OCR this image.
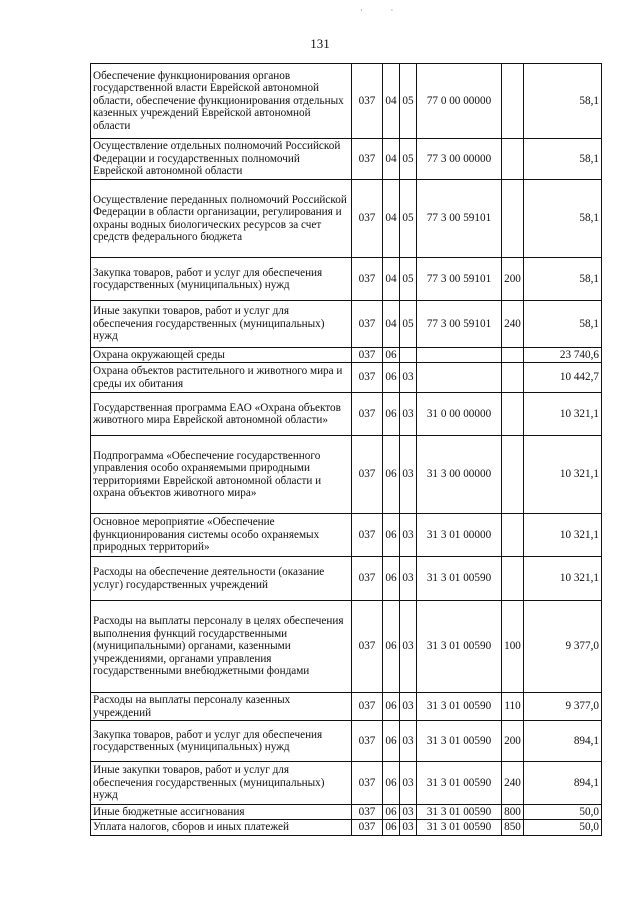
·              ·
131
Обеспечение функционирования органов государственной власти Еврейской автономной области, обеспечение функционирования отдельных казенных учреждений Еврейской автономной области	037	04	05	77 0 00 00000		58,1
Осуществление отдельных полномочий Российской Федерации и государственных полномочий Еврейской автономной области	037	04	05	77 3 00 00000		58,1
Осуществление переданных полномочий Российской Федерации в области организации, регулирования и охраны водных биологических ресурсов за счет средств федерального бюджета	037	04	05	77 3 00 59101		58,1
Закупка товаров, работ и услуг для обеспечения государственных (муниципальных) нужд	037	04	05	77 3 00 59101	200	58,1
Иные закупки товаров, работ и услуг для обеспечения государственных (муниципальных) нужд	037	04	05	77 3 00 59101	240	58,1
Охрана окружающей среды	037	06				23 740,6
Охрана объектов растительного и животного мира и среды их обитания	037	06	03			10 442,7
Государственная программа ЕАО «Охрана объектов животного мира Еврейской автономной области»	037	06	03	31 0 00 00000		10 321,1
Подпрограмма «Обеспечение государственного управления особо охраняемыми природными территориями Еврейской автономной области и охрана объектов животного мира»	037	06	03	31 3 00 00000		10 321,1
Основное мероприятие «Обеспечение функционирования системы особо охраняемых природных территорий»	037	06	03	31 3 01 00000		10 321,1
Расходы на обеспечение деятельности (оказание услуг) государственных учреждений	037	06	03	31 3 01 00590		10 321,1
Расходы на выплаты персоналу в целях обеспечения выполнения функций государственными (муниципальными) органами, казенными учреждениями, органами управления государственными внебюджетными фондами	037	06	03	31 3 01 00590	100	9 377,0
Расходы на выплаты персоналу казенных учреждений	037	06	03	31 3 01 00590	110	9 377,0
Закупка товаров, работ и услуг для обеспечения государственных (муниципальных) нужд	037	06	03	31 3 01 00590	200	894,1
Иные закупки товаров, работ и услуг для обеспечения государственных (муниципальных) нужд	037	06	03	31 3 01 00590	240	894,1
Иные бюджетные ассигнования	037	06	03	31 3 01 00590	800	50,0
Уплата налогов, сборов и иных платежей	037	06	03	31 3 01 00590	850	50,0
